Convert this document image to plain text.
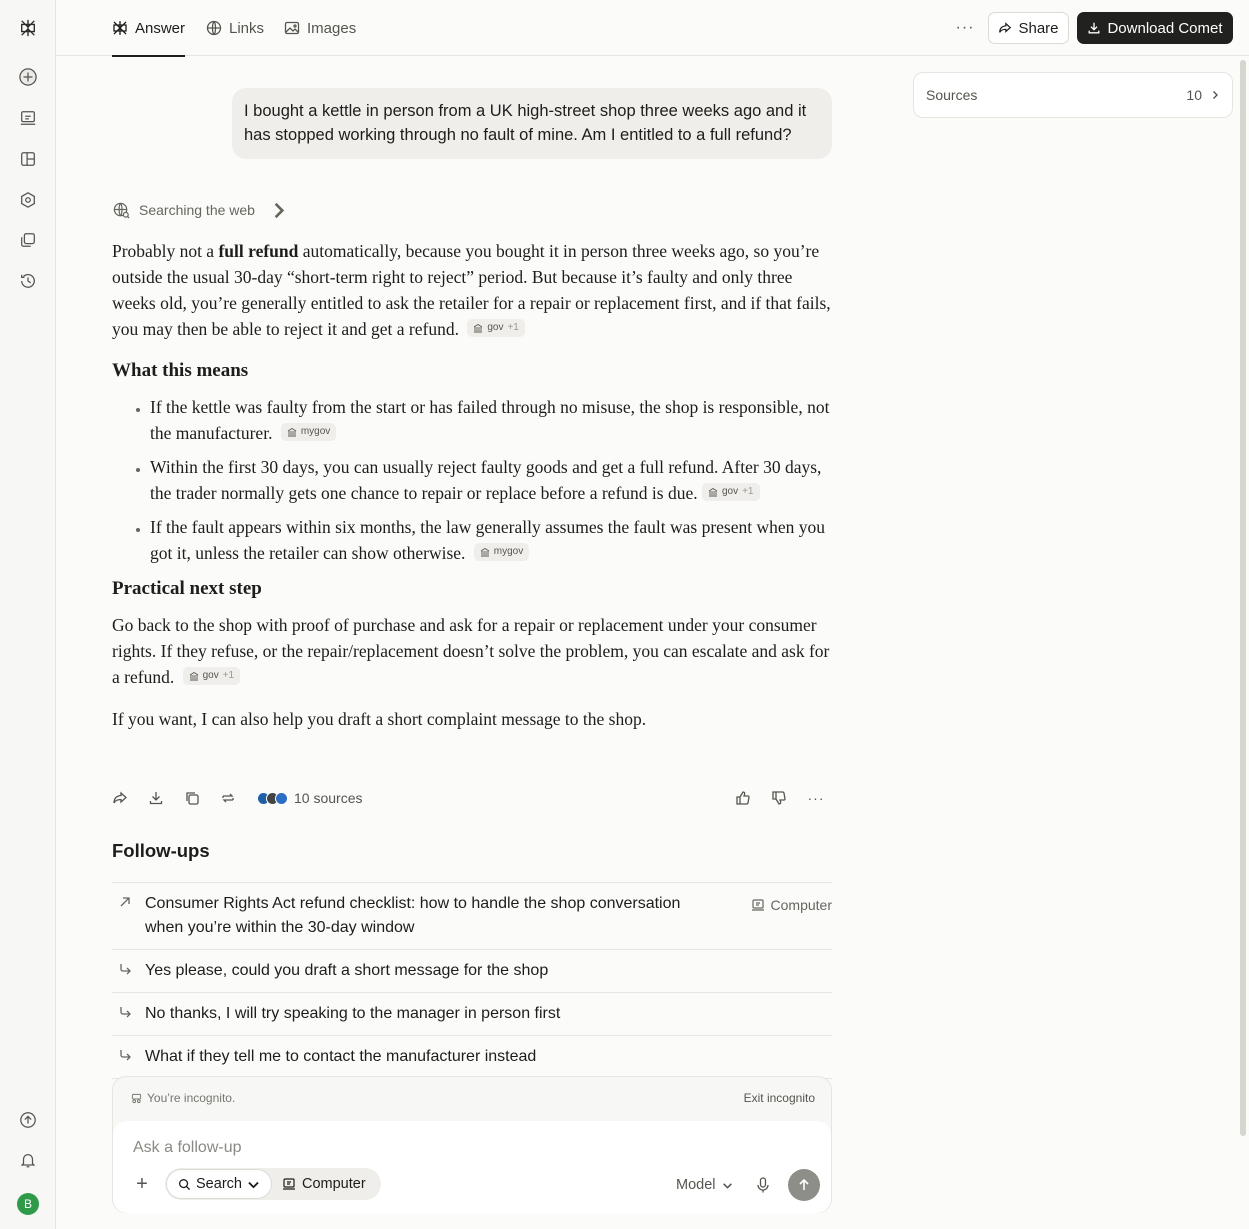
B
Answer	Links	Images	···	Share	Download Comet
Sources	10
I bought a kettle in person from a UK high-street shop three weeks ago and it has stopped working through no fault of mine. Am I entitled to a full refund?
Searching the web

Probably not a full refund automatically, because you bought it in person three weeks ago, so you’re outside the usual 30-day “short-term right to reject” period. But because it’s faulty and only three weeks old, you’re generally entitled to ask the retailer for a repair or replacement first, and if that fails, you may then be able to reject it and get a refund.	gov +1

What this means
• If the kettle was faulty from the start or has failed through no misuse, the shop is responsible, not the manufacturer.	mygov
• Within the first 30 days, you can usually reject faulty goods and get a full refund. After 30 days, the trader normally gets one chance to repair or replace before a refund is due. gov +1
• If the fault appears within six months, the law generally assumes the fault was present when you got it, unless the retailer can show otherwise.	mygov
Practical next step

Go back to the shop with proof of purchase and ask for a repair or replacement under your consumer rights. If they refuse, or the repair/replacement doesn’t solve the problem, you can escalate and ask for a refund.	gov +1

If you want, I can also help you draft a short complaint message to the shop.

10 sources	···
Follow-ups
Consumer Rights Act refund checklist: how to handle the shop conversation when you’re within the 30-day window
Computer
Yes please, could you draft a short message for the shop
No thanks, I will try speaking to the manager in person first
What if they tell me to contact the manufacturer instead
You’re incognito.	Exit incognito
Ask a follow-up
+	Search	Computer	Model
